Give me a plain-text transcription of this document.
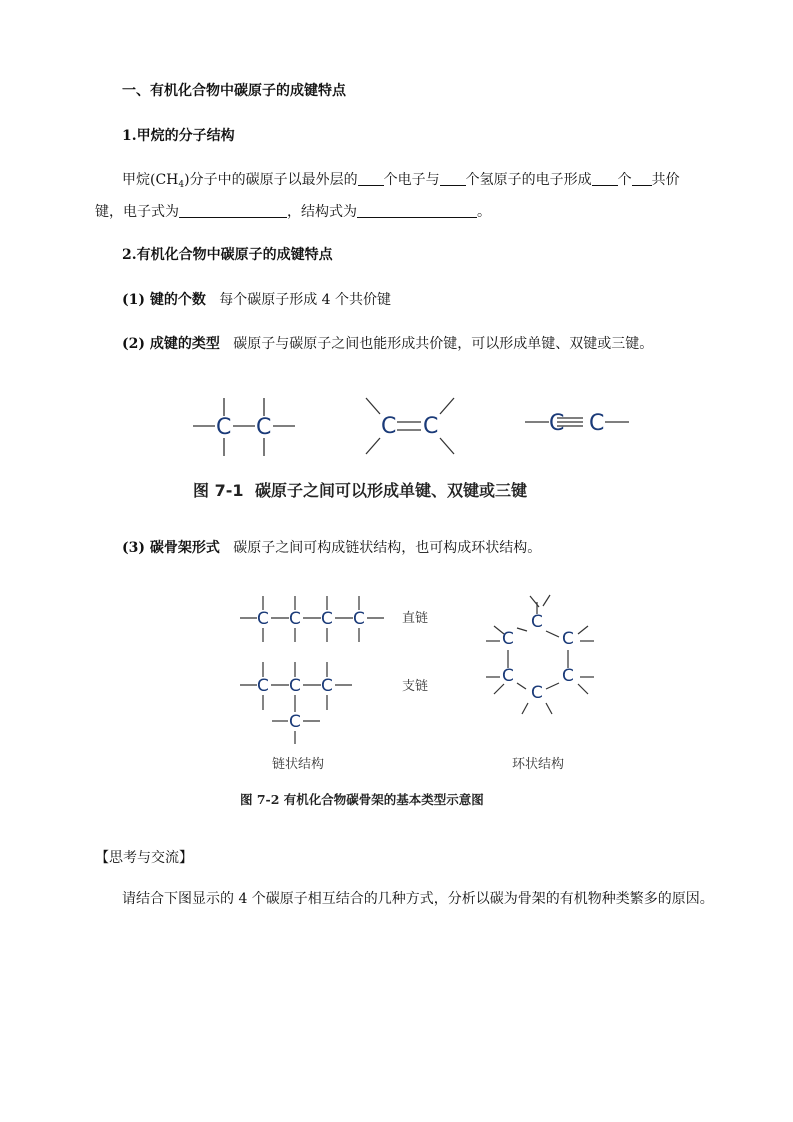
一、有机化合物中碳原子的成键特点
1.甲烷的分子结构
甲烷$(CH_4)$分子中的碳原子以最外层的 个电子与 个氢原子的电子形成 个 共价
键，电子式为	，结构式为	。
2.有机化合物中碳原子的成键特点
(1) 键的个数 每个碳原子形成 4 个共价键
(2) 成键的类型 碳原子与碳原子之间也能形成共价键，可以形成单键、双键或三键。
C C	C C	C C
图 7-1 碳原子之间可以形成单键、双键或三键
(3) 碳骨架形式 碳原子之间可构成链状结构，也可构成环状结构。
C C C C
C C C
C
C
C	C
C	C
C
直链
支链
链状结构	环状结构
图 7-2 有机化合物碳骨架的基本类型示意图
【思考与交流】
请结合下图显示的 4 个碳原子相互结合的几种方式，分析以碳为骨架的有机物种类繁多的原因。
